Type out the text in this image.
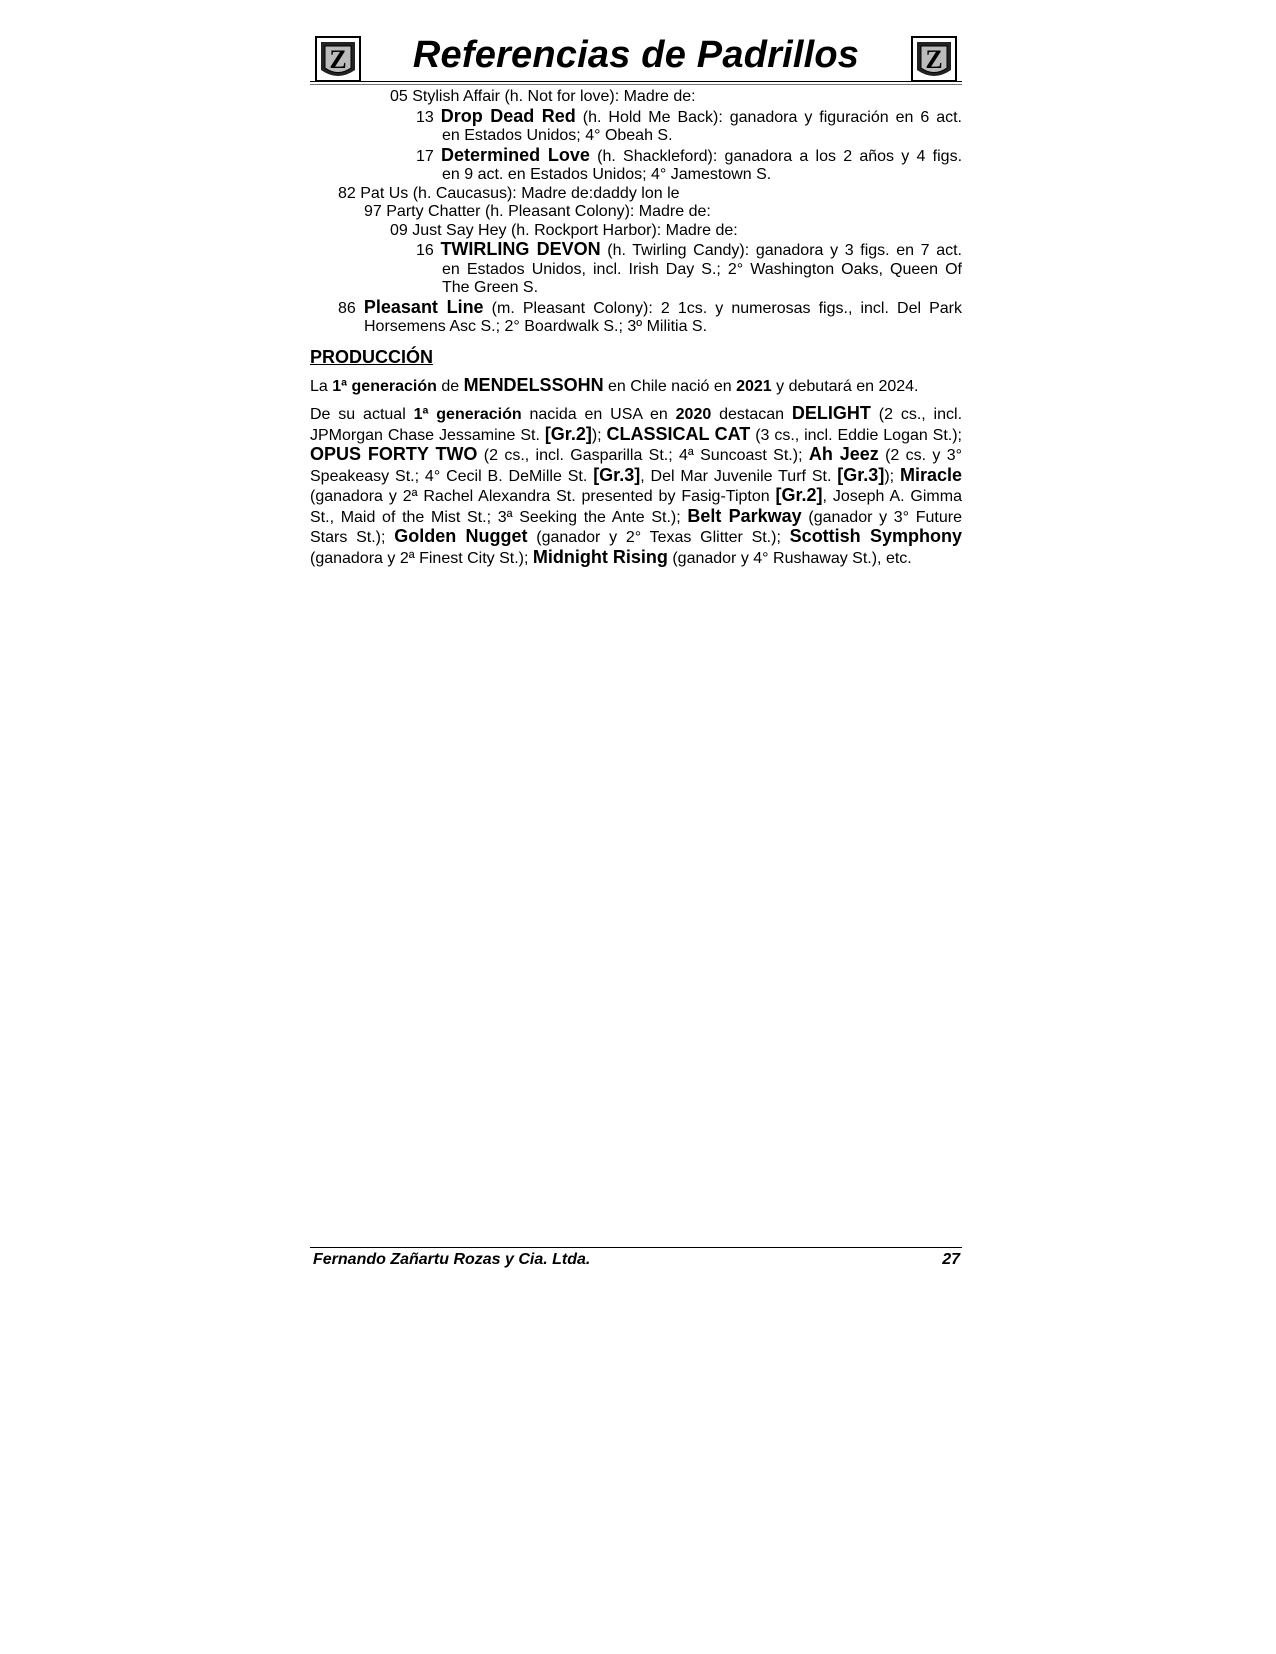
Z	Referencias de Padrillos	Z
05 Stylish Affair (h. Not for love): Madre de:
13 Drop Dead Red (h. Hold Me Back): ganadora y figuración en 6 act.
en Estados Unidos; 4° Obeah S.
17 Determined Love (h. Shackleford): ganadora a los 2 años y 4 figs.
en 9 act. en Estados Unidos; 4° Jamestown S.
82 Pat Us (h. Caucasus): Madre de:daddy lon le
97 Party Chatter (h. Pleasant Colony): Madre de:
09 Just Say Hey (h. Rockport Harbor): Madre de:
16 TWIRLING DEVON (h. Twirling Candy): ganadora y 3 figs. en 7 act.
en Estados Unidos, incl. Irish Day S.; 2° Washington Oaks, Queen Of The Green S.
86 Pleasant Line (m. Pleasant Colony): 2 1cs. y numerosas figs., incl. Del Park
Horsemens Asc S.; 2° Boardwalk S.; 3º Militia S.
PRODUCCIÓN

La 1ª generación de MENDELSSOHN en Chile nació en 2021 y debutará en 2024.

De su actual 1ª generación nacida en USA en 2020 destacan DELIGHT (2 cs., incl. JPMorgan Chase Jessamine St. [Gr.2]); CLASSICAL CAT (3 cs., incl. Eddie Logan St.); OPUS FORTY TWO (2 cs., incl. Gasparilla St.; 4ª Suncoast St.); Ah Jeez (2 cs. y 3° Speakeasy St.; 4° Cecil B. DeMille St. [Gr.3], Del Mar Juvenile Turf St. [Gr.3]); Miracle (ganadora y 2ª Rachel Alexandra St. presented by Fasig-Tipton [Gr.2], Joseph A. Gimma St., Maid of the Mist St.; 3ª Seeking the Ante St.); Belt Parkway (ganador y 3° Future Stars St.); Golden Nugget (ganador y 2° Texas Glitter St.); Scottish Symphony (ganadora y 2ª Finest City St.); Midnight Rising (ganador y 4° Rushaway St.), etc.

Fernando Zañartu Rozas y Cia. Ltda.	27
